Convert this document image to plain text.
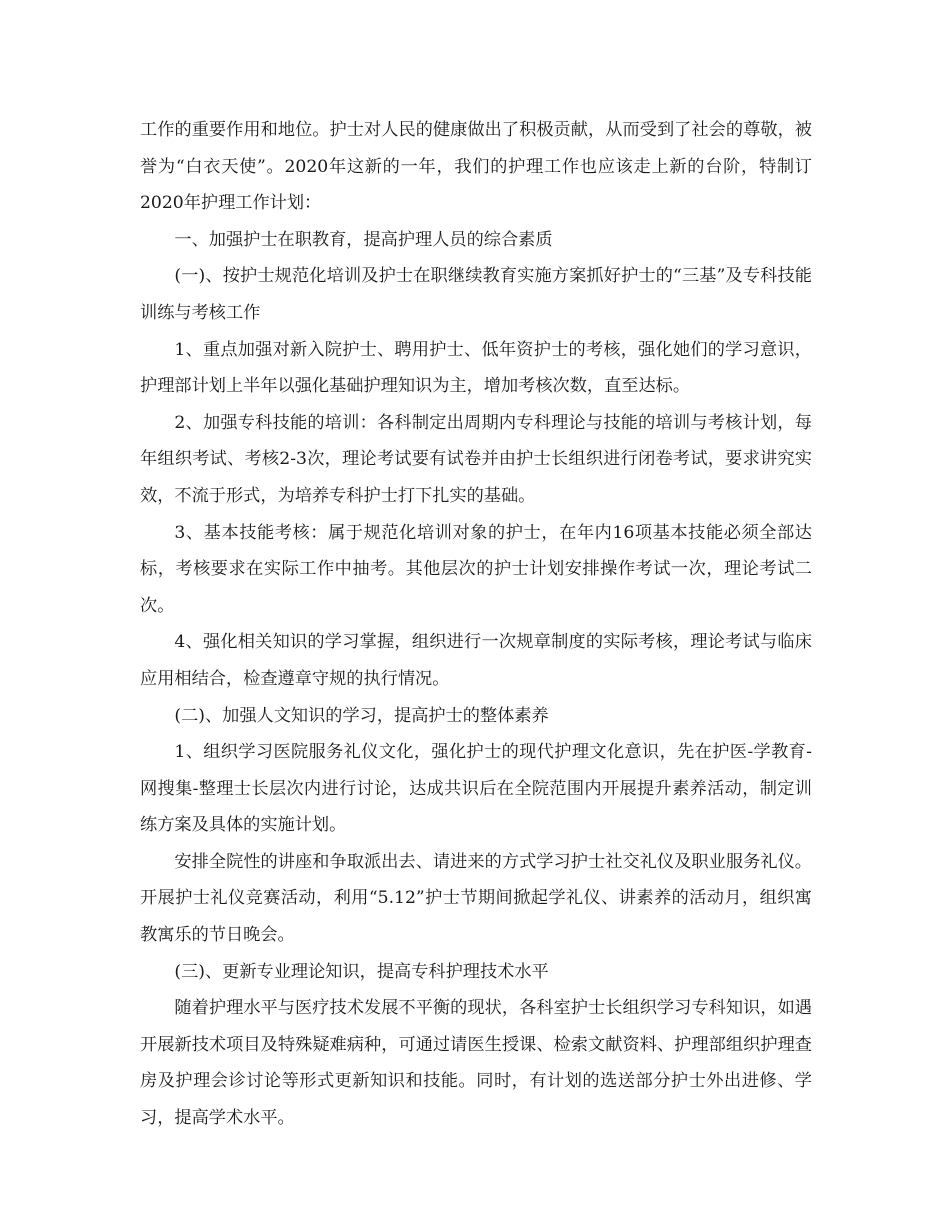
工作的重要作用和地位。护士对人民的健康做出了积极贡献，从而受到了社会的尊敬，被誉为“白衣天使”。2020年这新的一年，我们的护理工作也应该走上新的台阶，特制订2020年护理工作计划：

一、加强护士在职教育，提高护理人员的综合素质

(一)、按护士规范化培训及护士在职继续教育实施方案抓好护士的“三基”及专科技能训练与考核工作

1、重点加强对新入院护士、聘用护士、低年资护士的考核，强化她们的学习意识，护理部计划上半年以强化基础护理知识为主，增加考核次数，直至达标。

2、加强专科技能的培训：各科制定出周期内专科理论与技能的培训与考核计划，每年组织考试、考核2-3次，理论考试要有试卷并由护士长组织进行闭卷考试，要求讲究实效，不流于形式，为培养专科护士打下扎实的基础。

3、基本技能考核：属于规范化培训对象的护士，在年内16项基本技能必须全部达标，考核要求在实际工作中抽考。其他层次的护士计划安排操作考试一次，理论考试二次。

4、强化相关知识的学习掌握，组织进行一次规章制度的实际考核，理论考试与临床应用相结合，检查遵章守规的执行情况。

(二)、加强人文知识的学习，提高护士的整体素养

1、组织学习医院服务礼仪文化，强化护士的现代护理文化意识，先在护医-学教育-网搜集-整理士长层次内进行讨论，达成共识后在全院范围内开展提升素养活动，制定训练方案及具体的实施计划。

安排全院性的讲座和争取派出去、请进来的方式学习护士社交礼仪及职业服务礼仪。开展护士礼仪竞赛活动，利用“5.12”护士节期间掀起学礼仪、讲素养的活动月，组织寓教寓乐的节日晚会。

(三)、更新专业理论知识，提高专科护理技术水平

随着护理水平与医疗技术发展不平衡的现状，各科室护士长组织学习专科知识，如遇开展新技术项目及特殊疑难病种，可通过请医生授课、检索文献资料、护理部组织护理查房及护理会诊讨论等形式更新知识和技能。同时，有计划的选送部分护士外出进修、学习，提高学术水平。
